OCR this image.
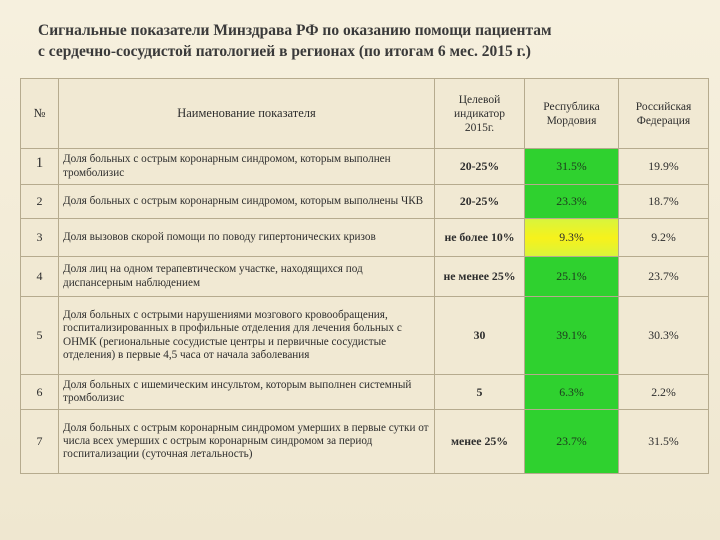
Сигнальные показатели Минздрава РФ по оказанию помощи пациентам
с сердечно-сосудистой патологией в регионах (по итогам 6 мес. 2015 г.)
№	Наименование показателя	Целевой индикатор 2015г.	Республика Мордовия	Российская Федерация
1	Доля больных с острым коронарным синдромом, которым выполнен тромболизис	20-25%	31.5%	19.9%
2	Доля больных с острым коронарным синдромом, которым выполнены ЧКВ	20-25%	23.3%	18.7%
3	Доля вызовов скорой помощи по поводу гипертонических кризов	не более 10%	9.3%	9.2%
4	Доля лиц на одном терапевтическом участке, находящихся под диспансерным наблюдением	не менее 25%	25.1%	23.7%
5	Доля больных с острыми нарушениями мозгового кровообращения, госпитализированных в профильные отделения для лечения больных с ОНМК (региональные сосудистые центры и первичные сосудистые отделения) в первые 4,5 часа от начала заболевания	30	39.1%	30.3%
6	Доля больных с ишемическим инсультом, которым выполнен системный тромболизис	5	6.3%	2.2%
7	Доля больных с острым коронарным синдромом умерших в первые сутки от числа всех умерших с острым коронарным синдромом за период госпитализации (суточная летальность)	менее 25%	23.7%	31.5%
